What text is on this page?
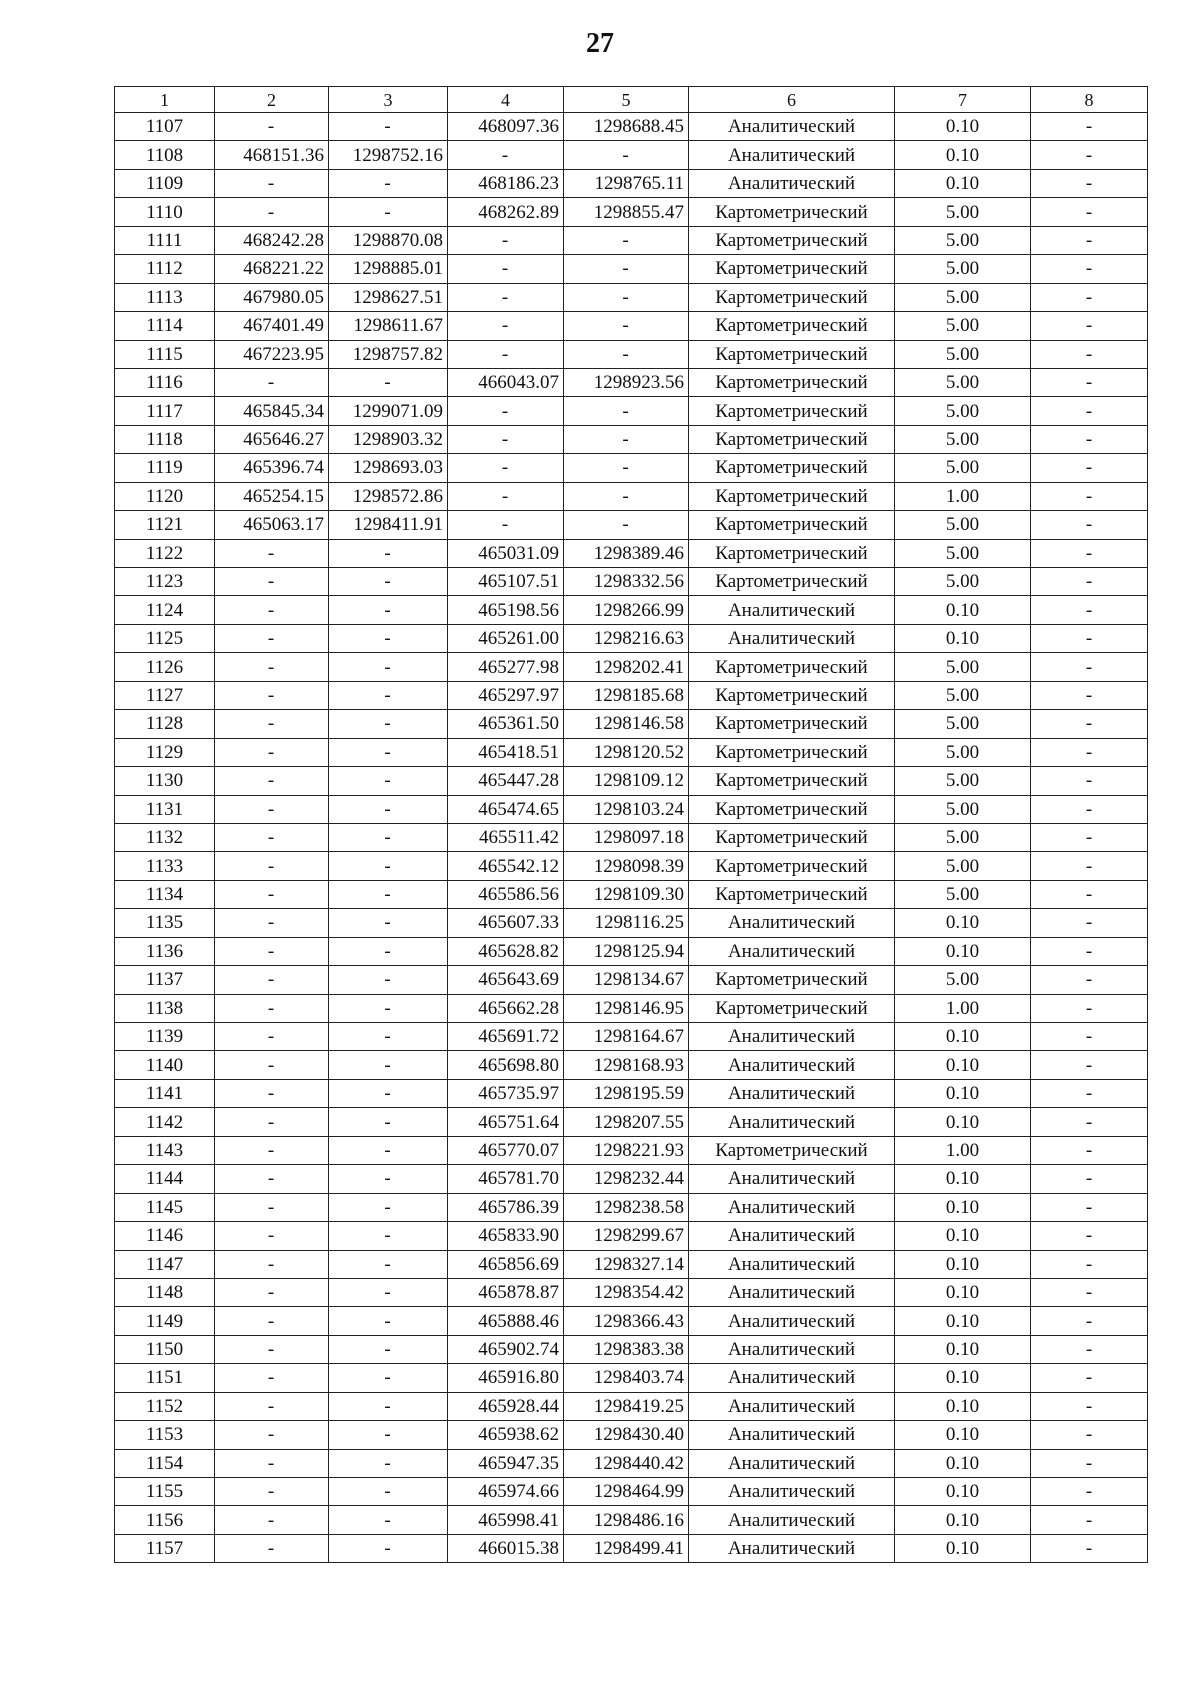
27
1	2	3	4	5	6	7	8
1107	-	-	468097.36	1298688.45	Аналитический	0.10	-
1108	468151.36	1298752.16	-	-	Аналитический	0.10	-
1109	-	-	468186.23	1298765.11	Аналитический	0.10	-
1110	-	-	468262.89	1298855.47	Картометрический	5.00	-
1111	468242.28	1298870.08	-	-	Картометрический	5.00	-
1112	468221.22	1298885.01	-	-	Картометрический	5.00	-
1113	467980.05	1298627.51	-	-	Картометрический	5.00	-
1114	467401.49	1298611.67	-	-	Картометрический	5.00	-
1115	467223.95	1298757.82	-	-	Картометрический	5.00	-
1116	-	-	466043.07	1298923.56	Картометрический	5.00	-
1117	465845.34	1299071.09	-	-	Картометрический	5.00	-
1118	465646.27	1298903.32	-	-	Картометрический	5.00	-
1119	465396.74	1298693.03	-	-	Картометрический	5.00	-
1120	465254.15	1298572.86	-	-	Картометрический	1.00	-
1121	465063.17	1298411.91	-	-	Картометрический	5.00	-
1122	-	-	465031.09	1298389.46	Картометрический	5.00	-
1123	-	-	465107.51	1298332.56	Картометрический	5.00	-
1124	-	-	465198.56	1298266.99	Аналитический	0.10	-
1125	-	-	465261.00	1298216.63	Аналитический	0.10	-
1126	-	-	465277.98	1298202.41	Картометрический	5.00	-
1127	-	-	465297.97	1298185.68	Картометрический	5.00	-
1128	-	-	465361.50	1298146.58	Картометрический	5.00	-
1129	-	-	465418.51	1298120.52	Картометрический	5.00	-
1130	-	-	465447.28	1298109.12	Картометрический	5.00	-
1131	-	-	465474.65	1298103.24	Картометрический	5.00	-
1132	-	-	465511.42	1298097.18	Картометрический	5.00	-
1133	-	-	465542.12	1298098.39	Картометрический	5.00	-
1134	-	-	465586.56	1298109.30	Картометрический	5.00	-
1135	-	-	465607.33	1298116.25	Аналитический	0.10	-
1136	-	-	465628.82	1298125.94	Аналитический	0.10	-
1137	-	-	465643.69	1298134.67	Картометрический	5.00	-
1138	-	-	465662.28	1298146.95	Картометрический	1.00	-
1139	-	-	465691.72	1298164.67	Аналитический	0.10	-
1140	-	-	465698.80	1298168.93	Аналитический	0.10	-
1141	-	-	465735.97	1298195.59	Аналитический	0.10	-
1142	-	-	465751.64	1298207.55	Аналитический	0.10	-
1143	-	-	465770.07	1298221.93	Картометрический	1.00	-
1144	-	-	465781.70	1298232.44	Аналитический	0.10	-
1145	-	-	465786.39	1298238.58	Аналитический	0.10	-
1146	-	-	465833.90	1298299.67	Аналитический	0.10	-
1147	-	-	465856.69	1298327.14	Аналитический	0.10	-
1148	-	-	465878.87	1298354.42	Аналитический	0.10	-
1149	-	-	465888.46	1298366.43	Аналитический	0.10	-
1150	-	-	465902.74	1298383.38	Аналитический	0.10	-
1151	-	-	465916.80	1298403.74	Аналитический	0.10	-
1152	-	-	465928.44	1298419.25	Аналитический	0.10	-
1153	-	-	465938.62	1298430.40	Аналитический	0.10	-
1154	-	-	465947.35	1298440.42	Аналитический	0.10	-
1155	-	-	465974.66	1298464.99	Аналитический	0.10	-
1156	-	-	465998.41	1298486.16	Аналитический	0.10	-
1157	-	-	466015.38	1298499.41	Аналитический	0.10	-
